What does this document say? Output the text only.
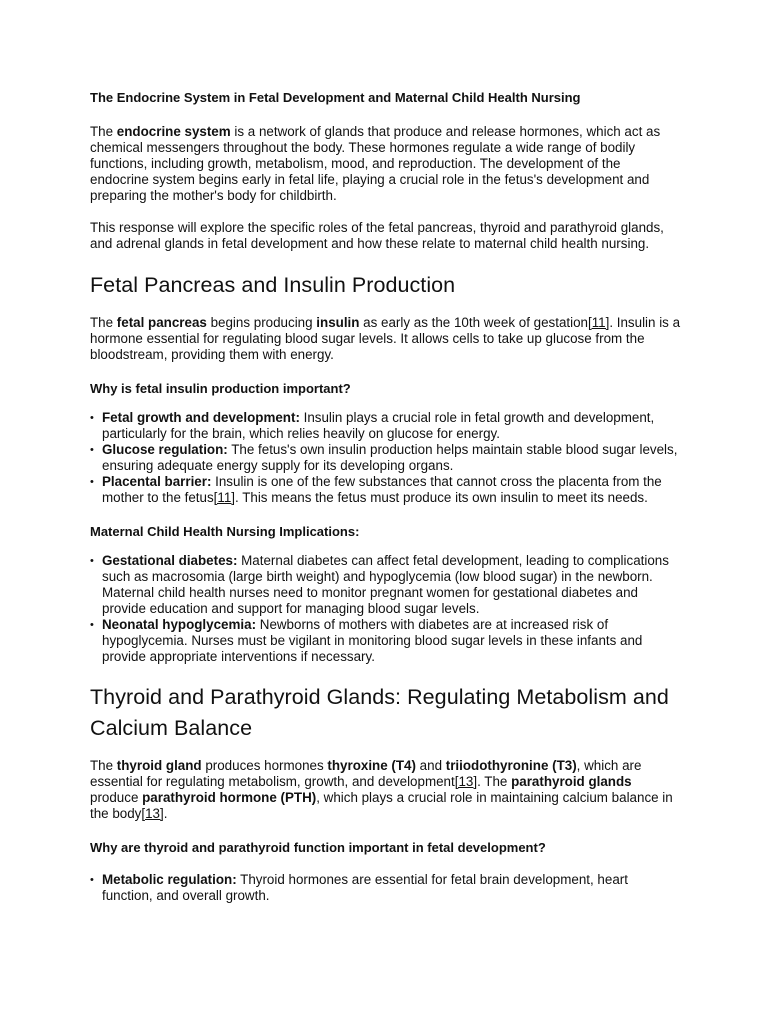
The Endocrine System in Fetal Development and Maternal Child Health Nursing

The endocrine system is a network of glands that produce and release hormones, which act as chemical messengers throughout the body. These hormones regulate a wide range of bodily functions, including growth, metabolism, mood, and reproduction. The development of the endocrine system begins early in fetal life, playing a crucial role in the fetus's development and preparing the mother's body for childbirth.

This response will explore the specific roles of the fetal pancreas, thyroid and parathyroid glands, and adrenal glands in fetal development and how these relate to maternal child health nursing.

Fetal Pancreas and Insulin Production

The fetal pancreas begins producing insulin as early as the 10th week of gestation[11]. Insulin is a hormone essential for regulating blood sugar levels. It allows cells to take up glucose from the bloodstream, providing them with energy.

Why is fetal insulin production important?

• Fetal growth and development: Insulin plays a crucial role in fetal growth and development, particularly for the brain, which relies heavily on glucose for energy.
• Glucose regulation: The fetus's own insulin production helps maintain stable blood sugar levels, ensuring adequate energy supply for its developing organs.
• Placental barrier: Insulin is one of the few substances that cannot cross the placenta from the mother to the fetus[11]. This means the fetus must produce its own insulin to meet its needs.

Maternal Child Health Nursing Implications:

• Gestational diabetes: Maternal diabetes can affect fetal development, leading to complications such as macrosomia (large birth weight) and hypoglycemia (low blood sugar) in the newborn. Maternal child health nurses need to monitor pregnant women for gestational diabetes and provide education and support for managing blood sugar levels.
• Neonatal hypoglycemia: Newborns of mothers with diabetes are at increased risk of hypoglycemia. Nurses must be vigilant in monitoring blood sugar levels in these infants and provide appropriate interventions if necessary.
Thyroid and Parathyroid Glands: Regulating Metabolism and Calcium Balance

The thyroid gland produces hormones thyroxine (T4) and triiodothyronine (T3), which are essential for regulating metabolism, growth, and development[13]. The parathyroid glands produce parathyroid hormone (PTH), which plays a crucial role in maintaining calcium balance in the body[13].

Why are thyroid and parathyroid function important in fetal development?

• Metabolic regulation: Thyroid hormones are essential for fetal brain development, heart function, and overall growth.
